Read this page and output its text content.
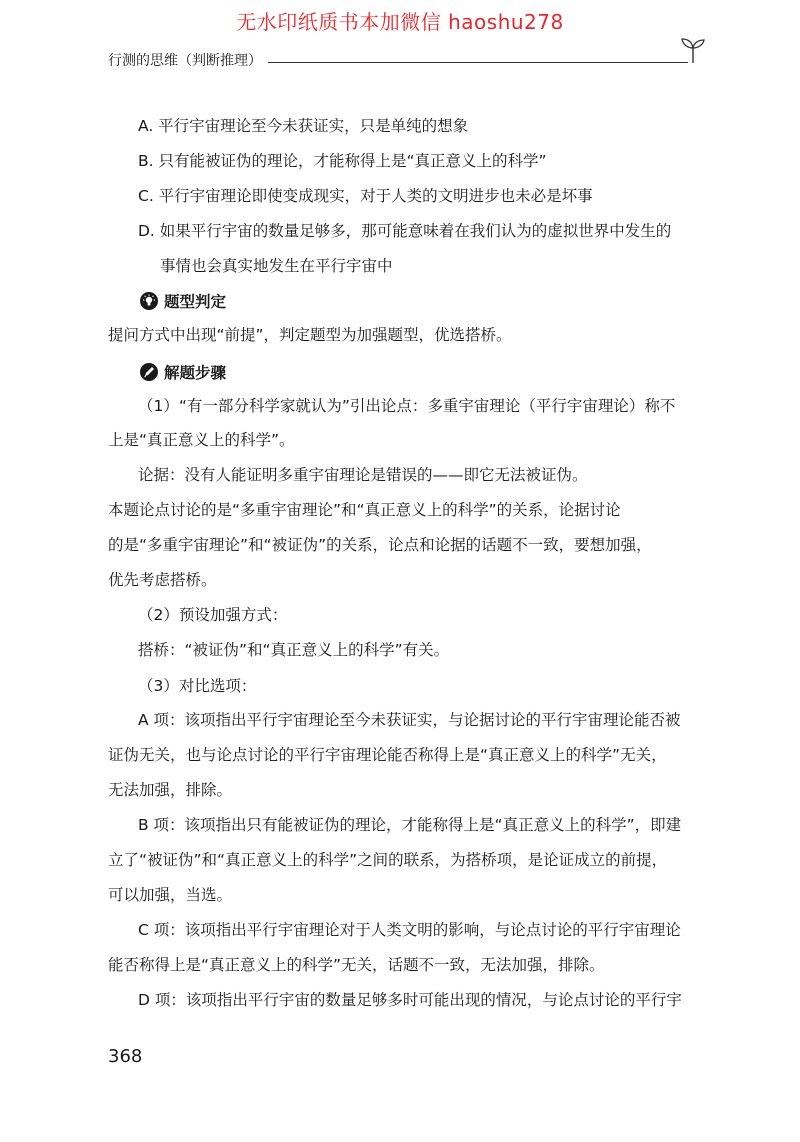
无水印纸质书本加微信 haoshu278
行测的思维（判断推理）
A. 平行宇宙理论至今未获证实，只是单纯的想象
B. 只有能被证伪的理论，才能称得上是“真正意义上的科学”
C. 平行宇宙理论即使变成现实，对于人类的文明进步也未必是坏事
D. 如果平行宇宙的数量足够多，那可能意味着在我们认为的虚拟世界中发生的
事情也会真实地发生在平行宇宙中
题型判定
提问方式中出现“前提”，判定题型为加强题型，优选搭桥。
解题步骤
（1）“有一部分科学家就认为”引出论点：多重宇宙理论（平行宇宙理论）称不
上是“真正意义上的科学”。
论据：没有人能证明多重宇宙理论是错误的——即它无法被证伪。
本题论点讨论的是“多重宇宙理论”和“真正意义上的科学”的关系，论据讨论
的是“多重宇宙理论”和“被证伪”的关系，论点和论据的话题不一致，要想加强，
优先考虑搭桥。
（2）预设加强方式：
搭桥：“被证伪”和“真正意义上的科学”有关。
（3）对比选项：
A 项：该项指出平行宇宙理论至今未获证实，与论据讨论的平行宇宙理论能否被
证伪无关，也与论点讨论的平行宇宙理论能否称得上是“真正意义上的科学”无关，
无法加强，排除。
B 项：该项指出只有能被证伪的理论，才能称得上是“真正意义上的科学”，即建
立了“被证伪”和“真正意义上的科学”之间的联系，为搭桥项，是论证成立的前提，
可以加强，当选。
C 项：该项指出平行宇宙理论对于人类文明的影响，与论点讨论的平行宇宙理论
能否称得上是“真正意义上的科学”无关，话题不一致，无法加强，排除。
D 项：该项指出平行宇宙的数量足够多时可能出现的情况，与论点讨论的平行宇
368
